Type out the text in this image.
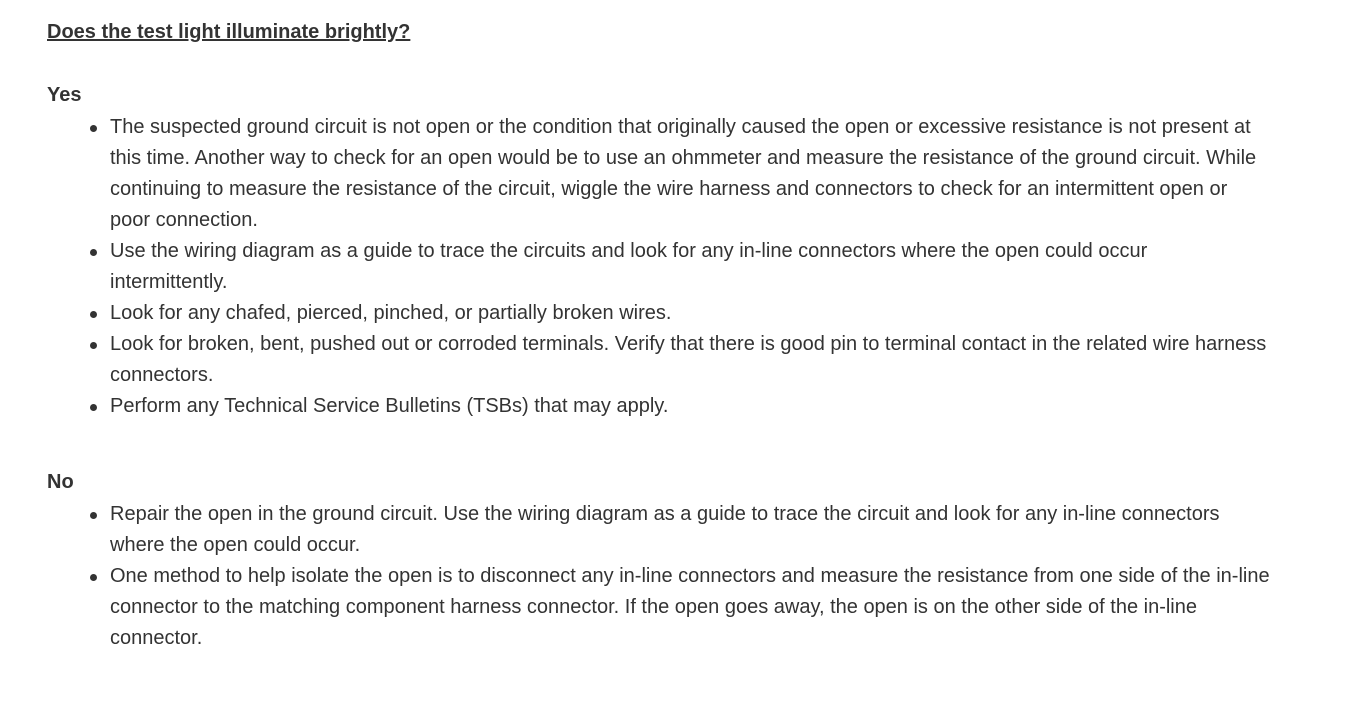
Does the test light illuminate brightly?
Yes
The suspected ground circuit is not open or the condition that originally caused the open or excessive resistance is not present at this time. Another way to check for an open would be to use an ohmmeter and measure the resistance of the ground circuit. While continuing to measure the resistance of the circuit, wiggle the wire harness and connectors to check for an intermittent open or poor connection.
Use the wiring diagram as a guide to trace the circuits and look for any in-line connectors where the open could occur intermittently.
Look for any chafed, pierced, pinched, or partially broken wires.
Look for broken, bent, pushed out or corroded terminals. Verify that there is good pin to terminal contact in the related wire harness connectors.
Perform any Technical Service Bulletins (TSBs) that may apply.
No
Repair the open in the ground circuit. Use the wiring diagram as a guide to trace the circuit and look for any in-line connectors where the open could occur.
One method to help isolate the open is to disconnect any in-line connectors and measure the resistance from one side of the in-line connector to the matching component harness connector. If the open goes away, the open is on the other side of the in-line connector.
